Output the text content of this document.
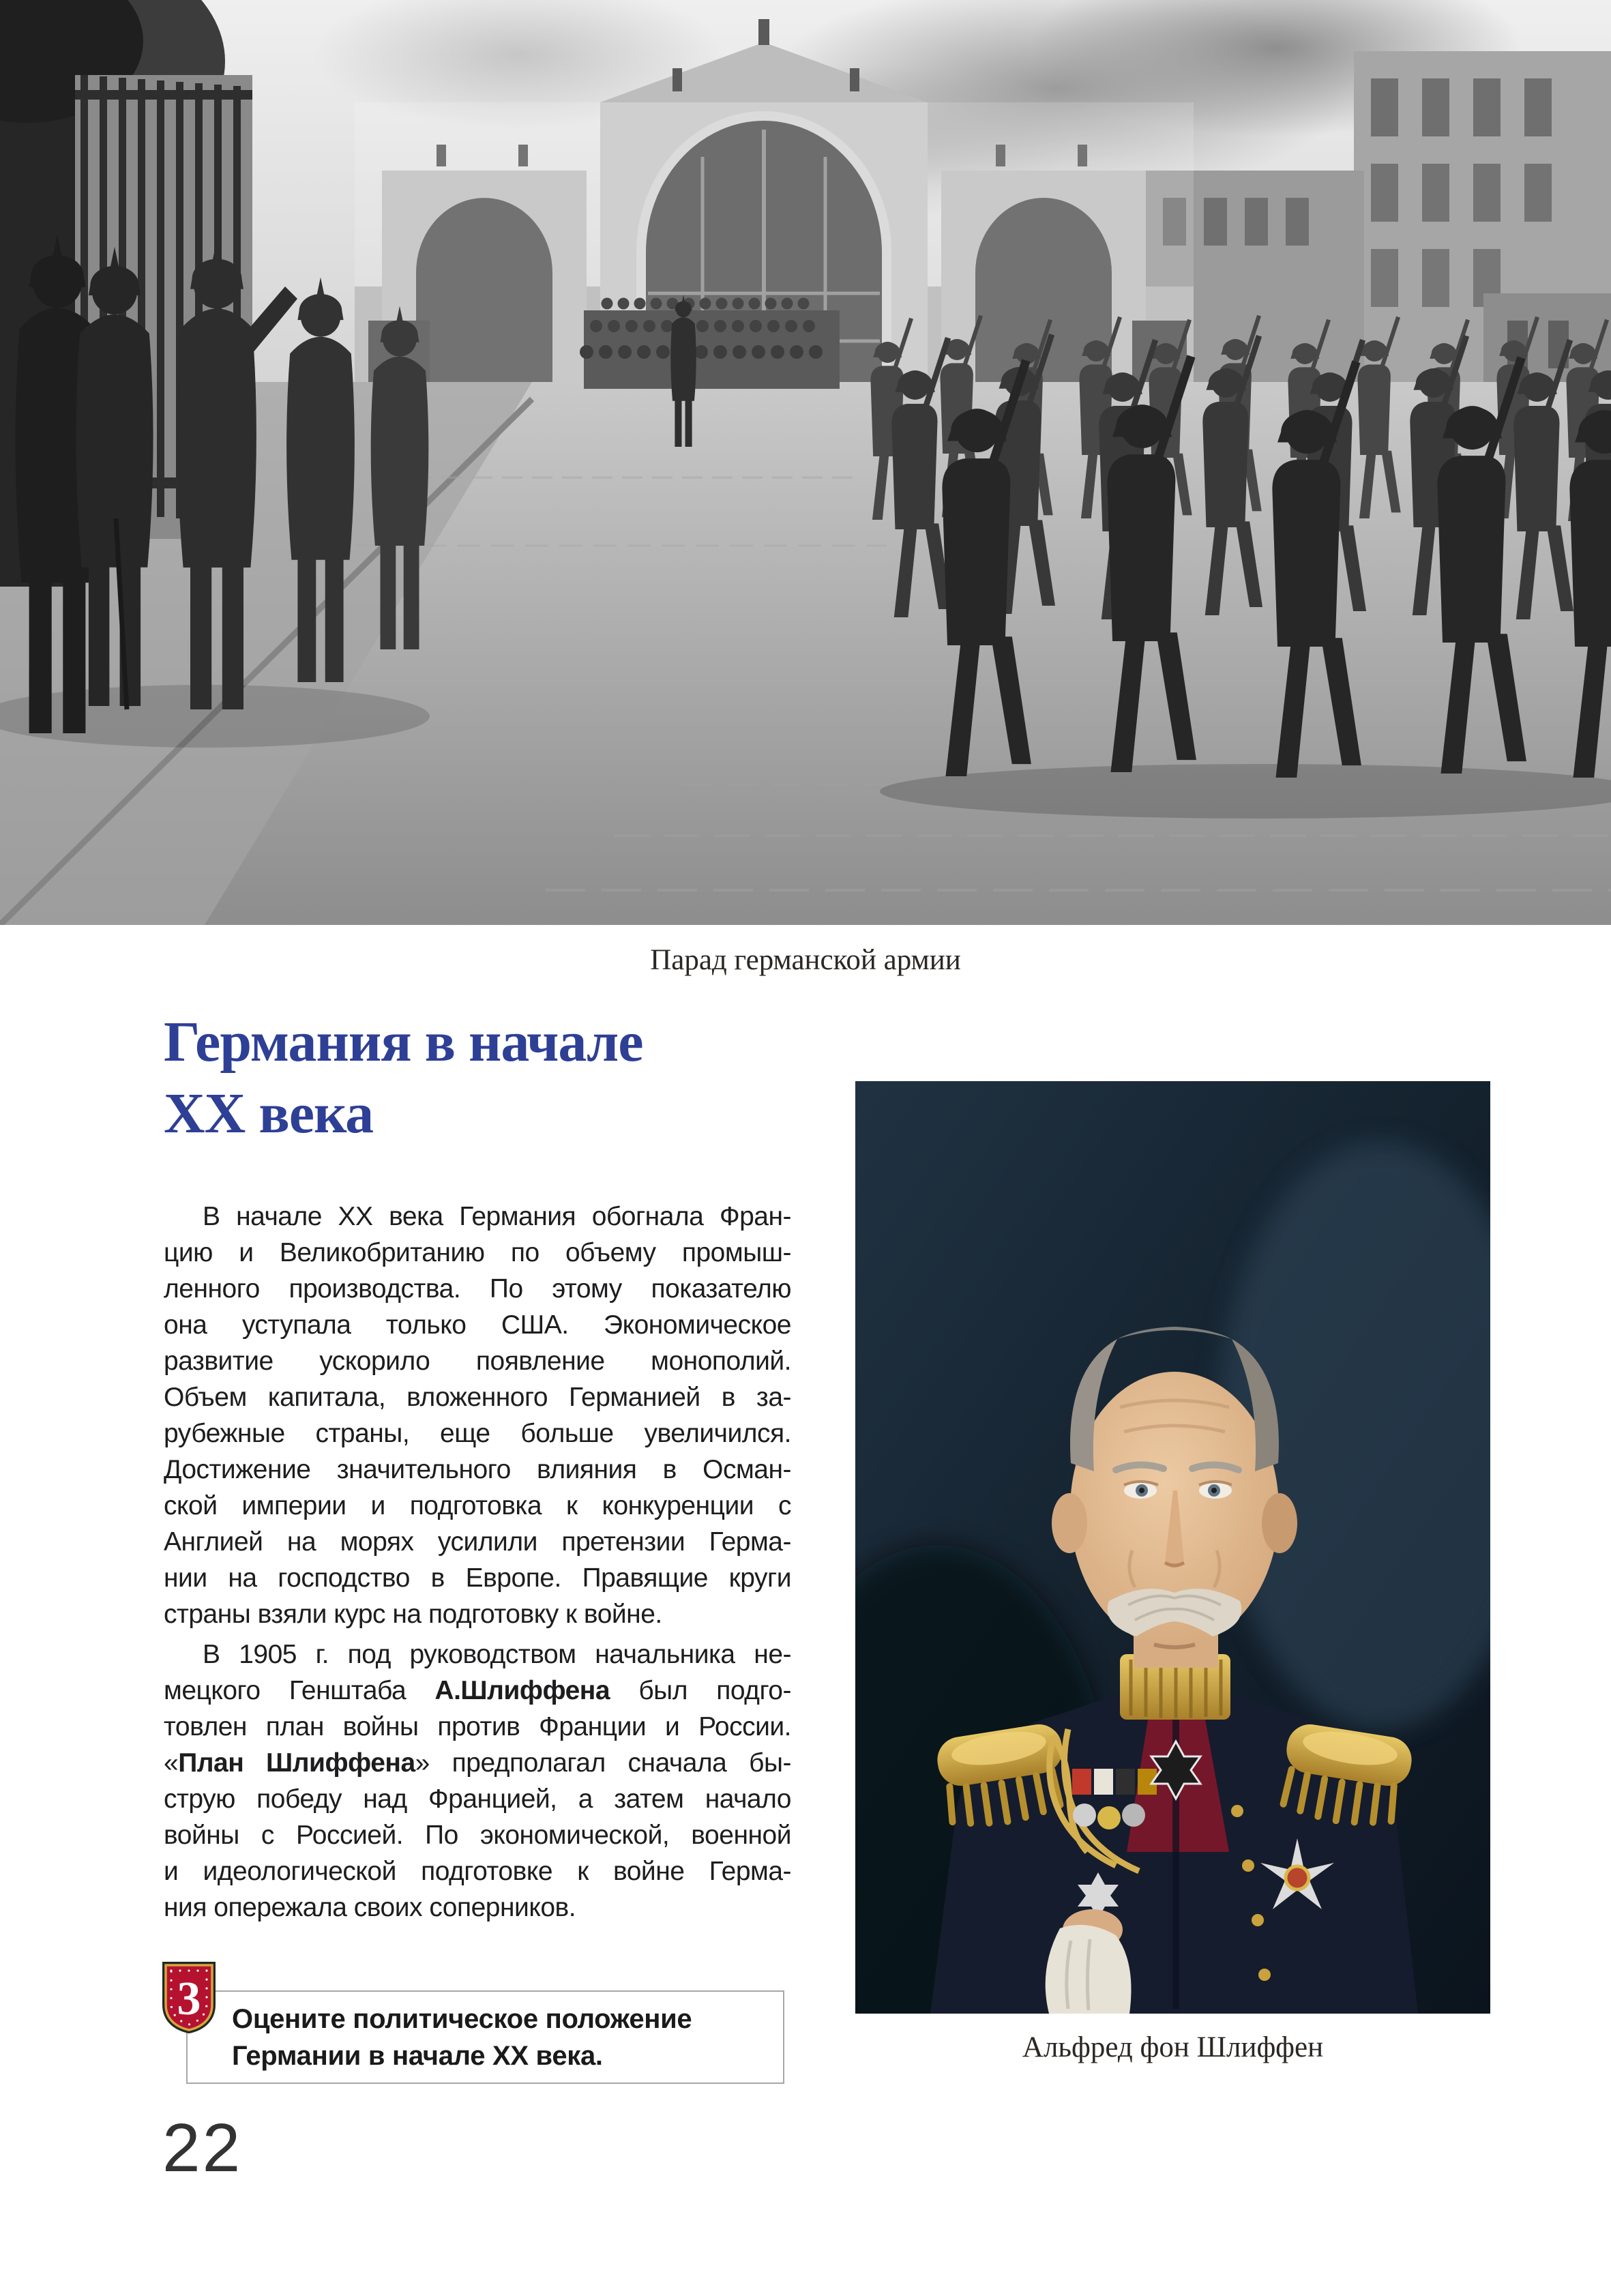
Парад германской армии
Германия в начале
XX века
В начале XX века Германия обогнала Фран-
цию и Великобританию по объему промыш-
ленного производства. По этому показателю
она уступала только США. Экономическое
развитие ускорило появление монополий.
Объем капитала, вложенного Германией в за-
рубежные страны, еще больше увеличился.
Достижение значительного влияния в Осман-
ской империи и подготовка к конкуренции с
Англией на морях усилили претензии Герма-
нии на господство в Европе. Правящие круги
страны взяли курс на подготовку к войне.
В 1905 г. под руководством начальника не-
мецкого Генштаба А.Шлиффена был подго-
товлен план войны против Франции и России.
«План Шлиффена» предполагал сначала бы-
струю победу над Францией, а затем начало
войны с Россией. По экономической, военной
и идеологической подготовке к войне Герма-
ния опережала своих соперников.
Оцените политическое положение
Германии в начале XX века.
3
Альфред фон Шлиффен
22
